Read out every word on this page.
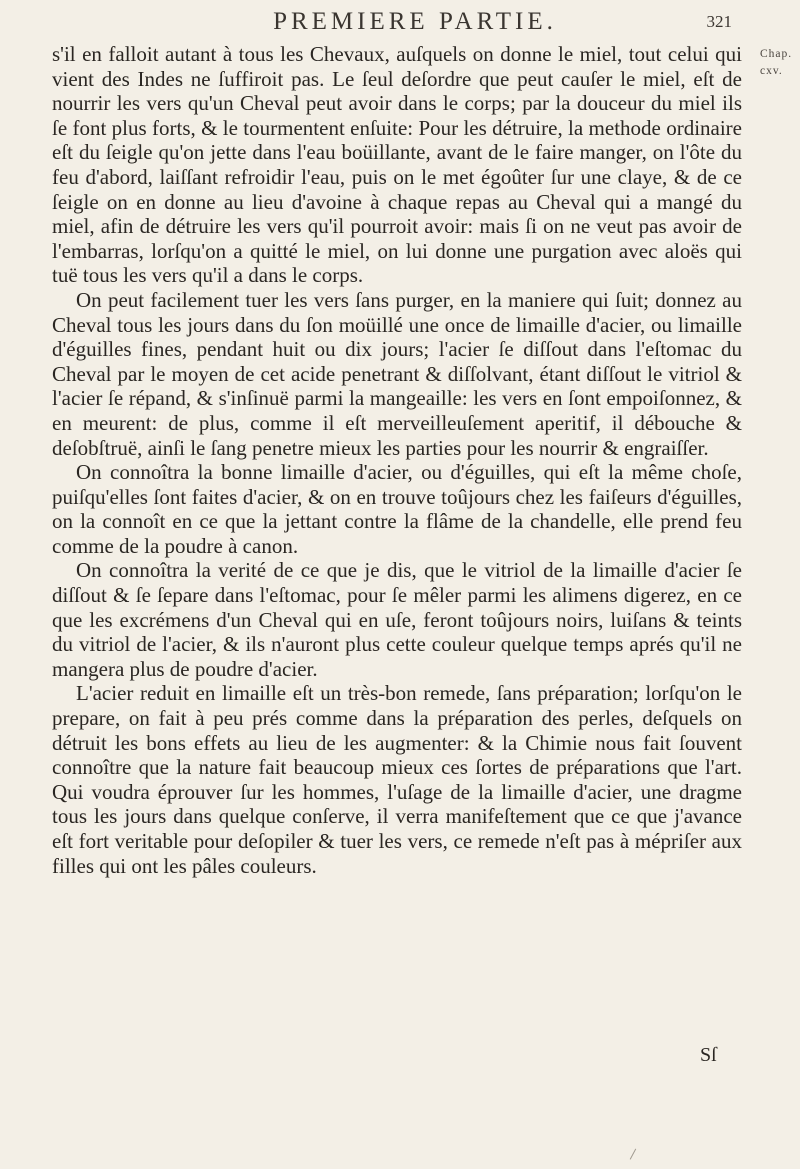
PREMIERE PARTIE.	321
Chap.
cxv.

s'il en falloit autant à tous les Chevaux, auſquels on donne le miel, tout celui qui vient des Indes ne ſuffiroit pas. Le ſeul deſordre que peut cauſer le miel, eſt de nourrir les vers qu'un Cheval peut avoir dans le corps; par la douceur du miel ils ſe font plus forts, & le tourmentent enſuite: Pour les détruire, la methode ordinaire eſt du ſeigle qu'on jette dans l'eau boüillante, avant de le faire manger, on l'ôte du feu d'abord, laiſſant refroidir l'eau, puis on le met égoûter ſur une claye, & de ce ſeigle on en donne au lieu d'avoine à chaque repas au Cheval qui a mangé du miel, afin de détruire les vers qu'il pourroit avoir: mais ſi on ne veut pas avoir de l'embarras, lorſqu'on a quitté le miel, on lui donne une purgation avec aloës qui tuë tous les vers qu'il a dans le corps.

On peut facilement tuer les vers ſans purger, en la maniere qui ſuit; donnez au Cheval tous les jours dans du ſon moüillé une once de limaille d'acier, ou limaille d'éguilles fines, pendant huit ou dix jours; l'acier ſe diſſout dans l'eſtomac du Cheval par le moyen de cet acide penetrant & diſſolvant, étant diſſout le vitriol & l'acier ſe répand, & s'inſinuë parmi la mangeaille: les vers en ſont empoiſonnez, & en meurent: de plus, comme il eſt merveilleuſement aperitif, il débouche & deſobſtruë, ainſi le ſang penetre mieux les parties pour les nourrir & engraiſſer.

On connoîtra la bonne limaille d'acier, ou d'éguilles, qui eſt la même choſe, puiſqu'elles ſont faites d'acier, & on en trouve toûjours chez les faiſeurs d'éguilles, on la connoît en ce que la jettant contre la flâme de la chandelle, elle prend feu comme de la poudre à canon.

On connoîtra la verité de ce que je dis, que le vitriol de la limaille d'acier ſe diſſout & ſe ſepare dans l'eſtomac, pour ſe mêler parmi les alimens digerez, en ce que les excrémens d'un Cheval qui en uſe, feront toûjours noirs, luiſans & teints du vitriol de l'acier, & ils n'auront plus cette couleur quelque temps aprés qu'il ne mangera plus de poudre d'acier.

L'acier reduit en limaille eſt un très-bon remede, ſans préparation; lorſqu'on le prepare, on fait à peu prés comme dans la préparation des perles, deſquels on détruit les bons effets au lieu de les augmenter: & la Chimie nous fait ſouvent connoître que la nature fait beaucoup mieux ces ſortes de préparations que l'art. Qui voudra éprouver ſur les hommes, l'uſage de la limaille d'acier, une dragme tous les jours dans quelque conſerve, il verra manifeſtement que ce que j'avance eſt fort veritable pour deſopiler & tuer les vers, ce remede n'eſt pas à mépriſer aux filles qui ont les pâles couleurs.

Sſ
